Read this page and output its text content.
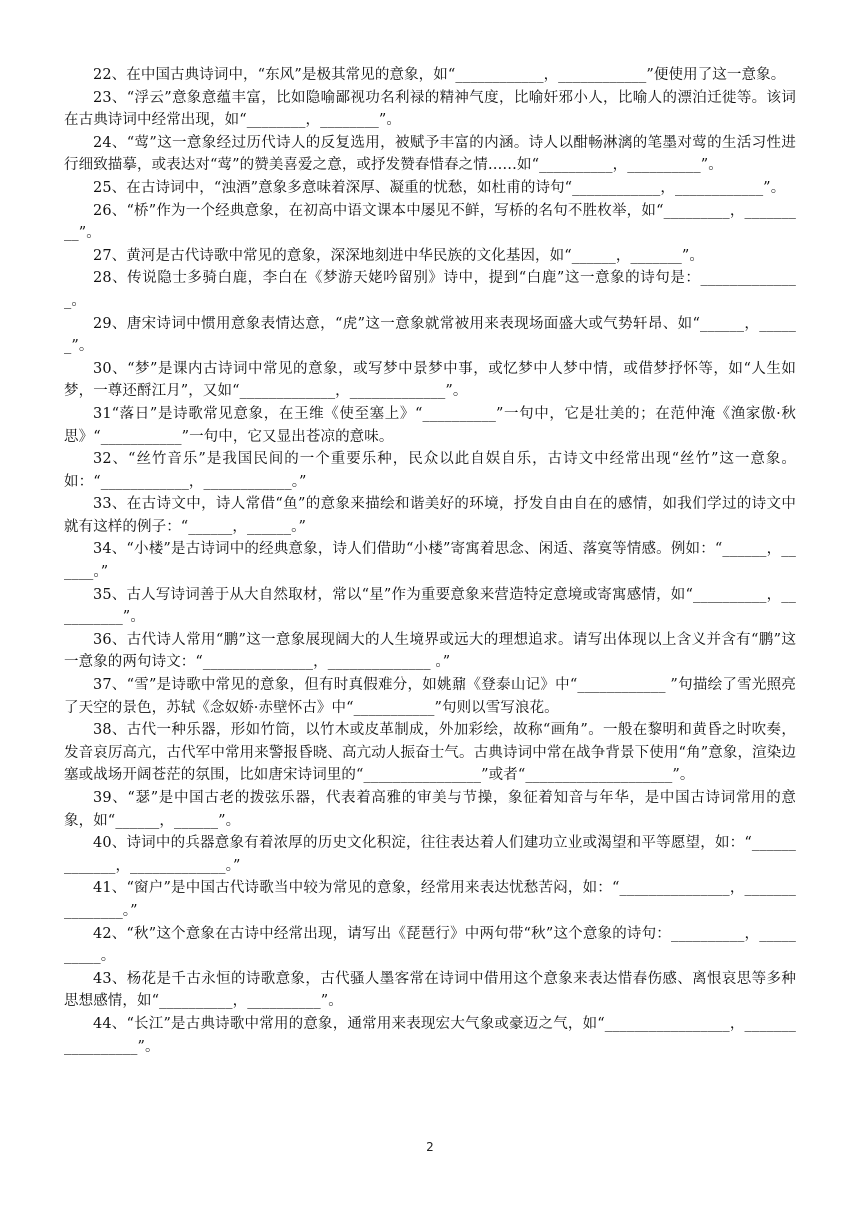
22、在中国古典诗词中，“东风”是极其常见的意象，如“____________，____________”便使用了这一意象。

23、“浮云”意象意蕴丰富，比如隐喻鄙视功名利禄的精神气度，比喻奸邪小人，比喻人的漂泊迁徙等。该词在古典诗词中经常出现，如“________，________”。

24、“莺”这一意象经过历代诗人的反复选用，被赋予丰富的内涵。诗人以酣畅淋漓的笔墨对莺的生活习性进行细致描摹，或表达对“莺”的赞美喜爱之意，或抒发赞春惜春之情……如“__________，__________”。

25、在古诗词中，“浊酒”意象多意味着深厚、凝重的忧愁，如杜甫的诗句“____________，____________”。

26、“桥”作为一个经典意象，在初高中语文课本中屡见不鲜，写桥的名句不胜枚举，如“_________，_________”。

27、黄河是古代诗歌中常见的意象，深深地刻进中华民族的文化基因，如“______，_______”。

28、传说隐士多骑白鹿，李白在《梦游天姥吟留别》诗中，提到“白鹿”这一意象的诗句是：______________。

29、唐宋诗词中惯用意象表情达意，“虎”这一意象就常被用来表现场面盛大或气势轩昂、如“______，______”。

30、“梦”是课内古诗词中常见的意象，或写梦中景梦中事，或忆梦中人梦中情，或借梦抒怀等，如“人生如梦，一尊还酹江月”，又如“_____________，_____________”。

31“落日”是诗歌常见意象，在王维《使至塞上》“__________”一句中，它是壮美的；在范仲淹《渔家傲·秋思》“___________”一句中，它又显出苍凉的意味。

32、“丝竹音乐”是我国民间的一个重要乐种，民众以此自娱自乐，古诗文中经常出现“丝竹”这一意象。如：“____________，____________。”

33、在古诗文中，诗人常借“鱼”的意象来描绘和谐美好的环境，抒发自由自在的感情，如我们学过的诗文中就有这样的例子：“______，______。”

34、“小楼”是古诗词中的经典意象，诗人们借助“小楼”寄寓着思念、闲适、落寞等情感。例如：“______，______。”

35、古人写诗词善于从大自然取材，常以“星”作为重要意象来营造特定意境或寄寓感情，如“__________，__________”。

36、古代诗人常用“鹏”这一意象展现阔大的人生境界或远大的理想追求。请写出体现以上含义并含有“鹏”这一意象的两句诗文：“_______________，______________ 。”

37、“雪”是诗歌中常见的意象，但有时真假难分，如姚鼐《登泰山记》中“____________ ”句描绘了雪光照亮了天空的景色，苏轼《念奴娇·赤壁怀古》中“___________”句则以雪写浪花。

38、古代一种乐器，形如竹筒，以竹木或皮革制成，外加彩绘，故称“画角”。一般在黎明和黄昏之时吹奏，发音哀厉高亢，古代军中常用来警报昏晓、高亢动人振奋士气。古典诗词中常在战争背景下使用“角”意象，渲染边塞或战场开阔苍茫的氛围，比如唐宋诗词里的“________________”或者“____________________”。

39、“瑟”是中国古老的拨弦乐器，代表着高雅的审美与节操，象征着知音与年华，是中国古诗词常用的意象，如“______，______”。

40、诗词中的兵器意象有着浓厚的历史文化积淀，往往表达着人们建功立业或渴望和平等愿望，如：“_____________，_____________。”

41、“窗户”是中国古代诗歌当中较为常见的意象，经常用来表达忧愁苦闷，如：“_______________，_______________。”

42、“秋”这个意象在古诗中经常出现，请写出《琵琶行》中两句带“秋”这个意象的诗句：__________，__________。

43、杨花是千古永恒的诗歌意象，古代骚人墨客常在诗词中借用这个意象来表达惜春伤感、离恨哀思等多种思想感情，如“__________，__________”。

44、“长江”是古典诗歌中常用的意象，通常用来表现宏大气象或豪迈之气，如“_________________，_________________”。

2
